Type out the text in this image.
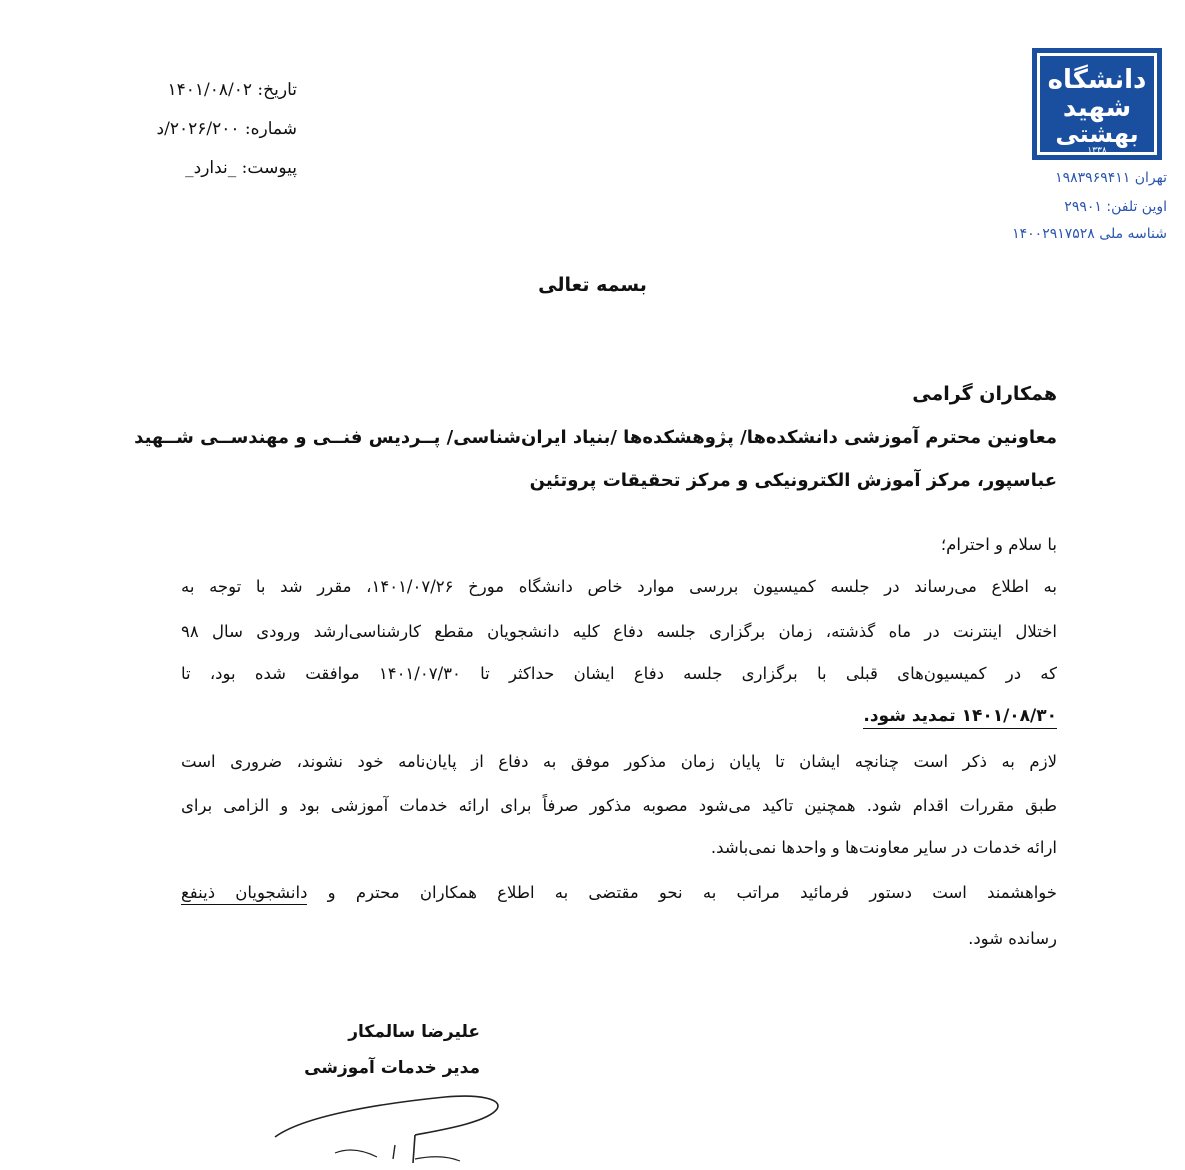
دانشگاه
شهید
بهشتی
۱۳۳۸
تهران ۱۹۸۳۹۶۹۴۱۱
اوین تلفن: ۲۹۹۰۱
شناسه ملی ۱۴۰۰۲۹۱۷۵۲۸
تاریخ: ۱۴۰۱/۰۸/۰۲
شماره: ۲۰۲۶/۲۰۰/د
پیوست: _ندارد_
بسمه تعالی
همکاران گرامی
معاونین محترم آموزشی دانشکده‌ها/ پژوهشکده‌ها /بنیاد ایران‌شناسی/ پــردیس فنــی و مهندســی شــهید
عباسپور، مرکز آموزش الکترونیکی و مرکز تحقیقات پروتئین
با سلام و احترام؛
به اطلاع می‌رساند در جلسه کمیسیون بررسی موارد خاص دانشگاه مورخ ۱۴۰۱/۰۷/۲۶، مقرر شد با توجه به
اختلال اینترنت در ماه گذشته، زمان برگزاری جلسه دفاع کلیه دانشجویان مقطع کارشناسی‌ارشد ورودی سال ۹۸
که در کمیسیون‌های قبلی با برگزاری جلسه دفاع ایشان حداکثر تا ۱۴۰۱/۰۷/۳۰ موافقت شده بود، تا
۱۴۰۱/۰۸/۳۰ تمدید شود.
لازم به ذکر است چنانچه ایشان تا پایان زمان مذکور موفق به دفاع از پایان‌نامه خود نشوند، ضروری است
طبق مقررات اقدام شود. همچنین تاکید می‌شود مصوبه مذکور صرفاً برای ارائه خدمات آموزشی بود و الزامی برای
ارائه خدمات در سایر معاونت‌ها و واحدها نمی‌باشد.
خواهشمند است دستور فرمائید مراتب به نحو مقتضی به اطلاع همکاران محترم و دانشجویان ذینفع
رسانده شود.
علیرضا سالمکار
مدیر خدمات آموزشی
